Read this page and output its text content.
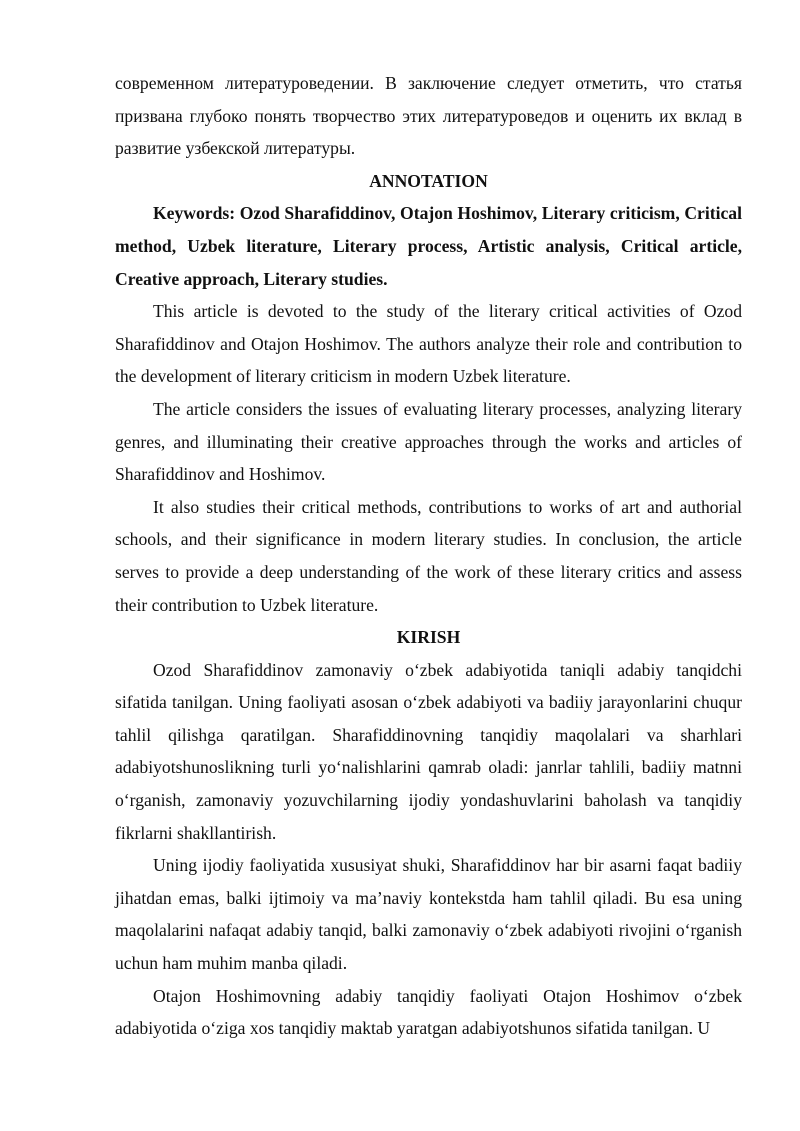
современном литературоведении. В заключение следует отметить, что статья призвана глубоко понять творчество этих литературоведов и оценить их вклад в развитие узбекской литературы.

ANNOTATION

Keywords: Ozod Sharafiddinov, Otajon Hoshimov, Literary criticism, Critical method, Uzbek literature, Literary process, Artistic analysis, Critical article, Creative approach, Literary studies.

This article is devoted to the study of the literary critical activities of Ozod Sharafiddinov and Otajon Hoshimov. The authors analyze their role and contribution to the development of literary criticism in modern Uzbek literature.

The article considers the issues of evaluating literary processes, analyzing literary genres, and illuminating their creative approaches through the works and articles of Sharafiddinov and Hoshimov.

It also studies their critical methods, contributions to works of art and authorial schools, and their significance in modern literary studies. In conclusion, the article serves to provide a deep understanding of the work of these literary critics and assess their contribution to Uzbek literature.

KIRISH

Ozod Sharafiddinov zamonaviy o‘zbek adabiyotida taniqli adabiy tanqidchi sifatida tanilgan. Uning faoliyati asosan o‘zbek adabiyoti va badiiy jarayonlarini chuqur tahlil qilishga qaratilgan. Sharafiddinovning tanqidiy maqolalari va sharhlari adabiyotshunoslikning turli yo‘nalishlarini qamrab oladi: janrlar tahlili, badiiy matnni o‘rganish, zamonaviy yozuvchilarning ijodiy yondashuvlarini baholash va tanqidiy fikrlarni shakllantirish.

Uning ijodiy faoliyatida xususiyat shuki, Sharafiddinov har bir asarni faqat badiiy jihatdan emas, balki ijtimoiy va ma’naviy kontekstda ham tahlil qiladi. Bu esa uning maqolalarini nafaqat adabiy tanqid, balki zamonaviy o‘zbek adabiyoti rivojini o‘rganish uchun ham muhim manba qiladi.

Otajon Hoshimovning adabiy tanqidiy faoliyati Otajon Hoshimov o‘zbek adabiyotida o‘ziga xos tanqidiy maktab yaratgan adabiyotshunos sifatida tanilgan. U
